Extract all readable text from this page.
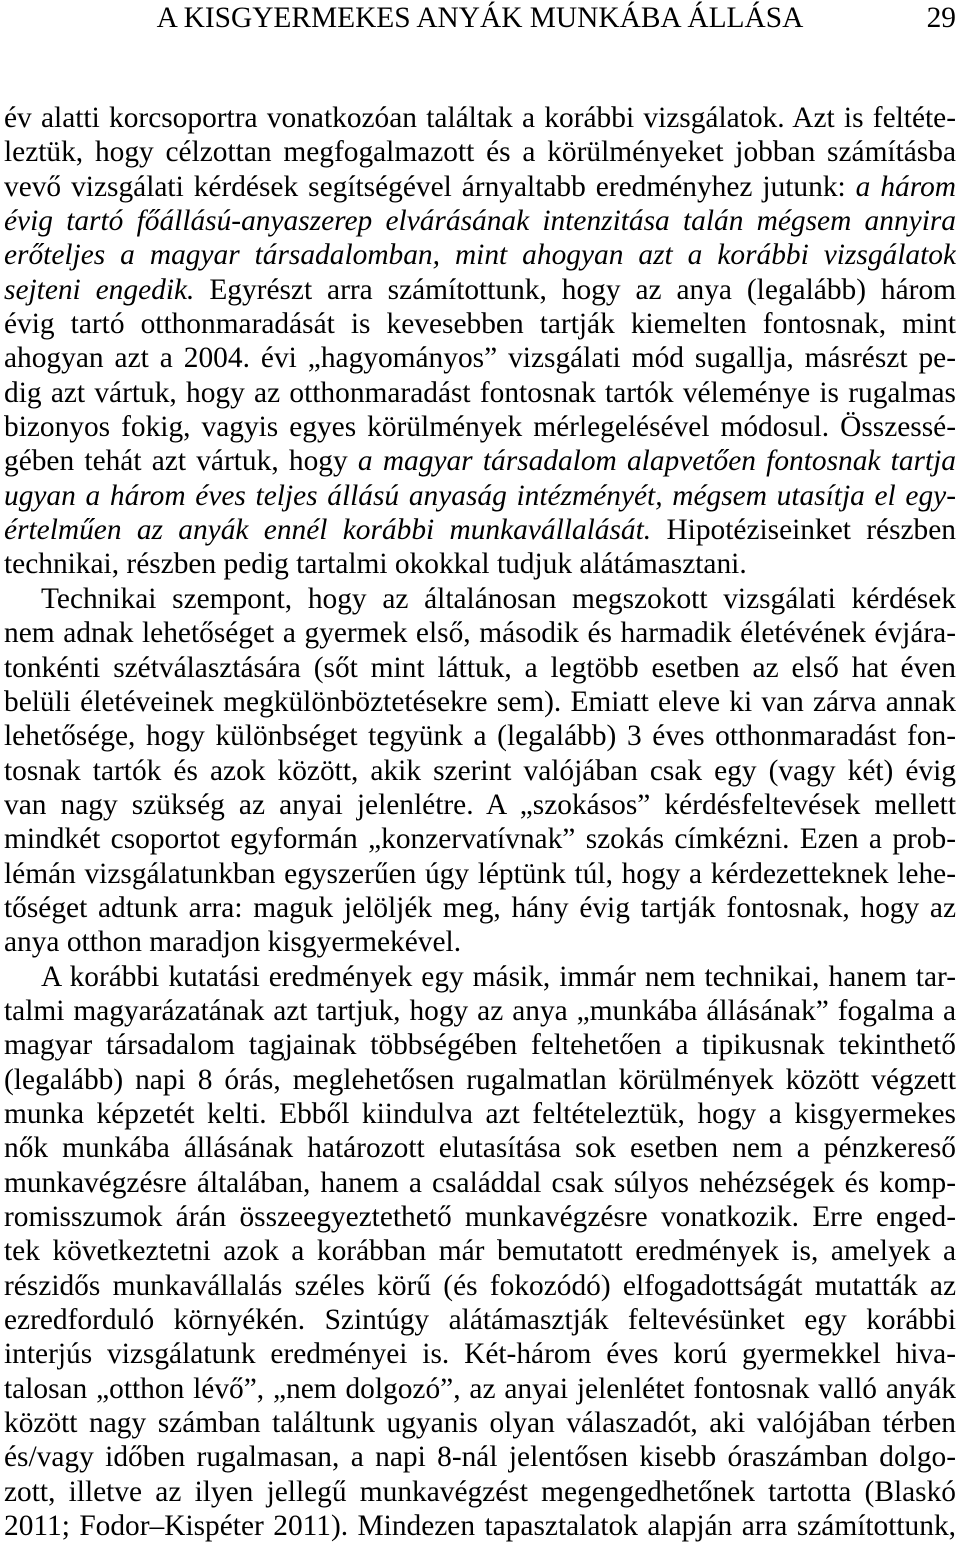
A KISGYERMEKES ANYÁK MUNKÁBA ÁLLÁSA	29
év alatti korcsoportra vonatkozóan találtak a korábbi vizsgálatok. Azt is feltéte-
leztük, hogy célzottan megfogalmazott és a körülményeket jobban számításba
vevő vizsgálati kérdések segítségével árnyaltabb eredményhez jutunk: a három
évig tartó főállású-anyaszerep elvárásának intenzitása talán mégsem annyira
erőteljes a magyar társadalomban, mint ahogyan azt a korábbi vizsgálatok
sejteni engedik. Egyrészt arra számítottunk, hogy az anya (legalább) három
évig tartó otthonmaradását is kevesebben tartják kiemelten fontosnak, mint
ahogyan azt a 2004. évi „hagyományos” vizsgálati mód sugallja, másrészt pe-
dig azt vártuk, hogy az otthonmaradást fontosnak tartók véleménye is rugalmas
bizonyos fokig, vagyis egyes körülmények mérlegelésével módosul. Összessé-
gében tehát azt vártuk, hogy a magyar társadalom alapvetően fontosnak tartja
ugyan a három éves teljes állású anyaság intézményét, mégsem utasítja el egy-
értelműen az anyák ennél korábbi munkavállalását. Hipotéziseinket részben
technikai, részben pedig tartalmi okokkal tudjuk alátámasztani.
Technikai szempont, hogy az általánosan megszokott vizsgálati kérdések
nem adnak lehetőséget a gyermek első, második és harmadik életévének évjára-
tonkénti szétválasztására (sőt mint láttuk, a legtöbb esetben az első hat éven
belüli életéveinek megkülönböztetésekre sem). Emiatt eleve ki van zárva annak
lehetősége, hogy különbséget tegyünk a (legalább) 3 éves otthonmaradást fon-
tosnak tartók és azok között, akik szerint valójában csak egy (vagy két) évig
van nagy szükség az anyai jelenlétre. A „szokásos” kérdésfeltevések mellett
mindkét csoportot egyformán „konzervatívnak” szokás címkézni. Ezen a prob-
lémán vizsgálatunkban egyszerűen úgy léptünk túl, hogy a kérdezetteknek lehe-
tőséget adtunk arra: maguk jelöljék meg, hány évig tartják fontosnak, hogy az
anya otthon maradjon kisgyermekével.
A korábbi kutatási eredmények egy másik, immár nem technikai, hanem tar-
talmi magyarázatának azt tartjuk, hogy az anya „munkába állásának” fogalma a
magyar társadalom tagjainak többségében feltehetően a tipikusnak tekinthető
(legalább) napi 8 órás, meglehetősen rugalmatlan körülmények között végzett
munka képzetét kelti. Ebből kiindulva azt feltételeztük, hogy a kisgyermekes
nők munkába állásának határozott elutasítása sok esetben nem a pénzkereső
munkavégzésre általában, hanem a családdal csak súlyos nehézségek és komp-
romisszumok árán összeegyeztethető munkavégzésre vonatkozik. Erre enged-
tek következtetni azok a korábban már bemutatott eredmények is, amelyek a
részidős munkavállalás széles körű (és fokozódó) elfogadottságát mutatták az
ezredforduló környékén. Szintúgy alátámasztják feltevésünket egy korábbi
interjús vizsgálatunk eredményei is. Két-három éves korú gyermekkel hiva-
talosan „otthon lévő”, „nem dolgozó”, az anyai jelenlétet fontosnak valló anyák
között nagy számban találtunk ugyanis olyan válaszadót, aki valójában térben
és/vagy időben rugalmasan, a napi 8-nál jelentősen kisebb óraszámban dolgo-
zott, illetve az ilyen jellegű munkavégzést megengedhetőnek tartotta (Blaskó
2011; Fodor–Kispéter 2011). Mindezen tapasztalatok alapján arra számítottunk,
